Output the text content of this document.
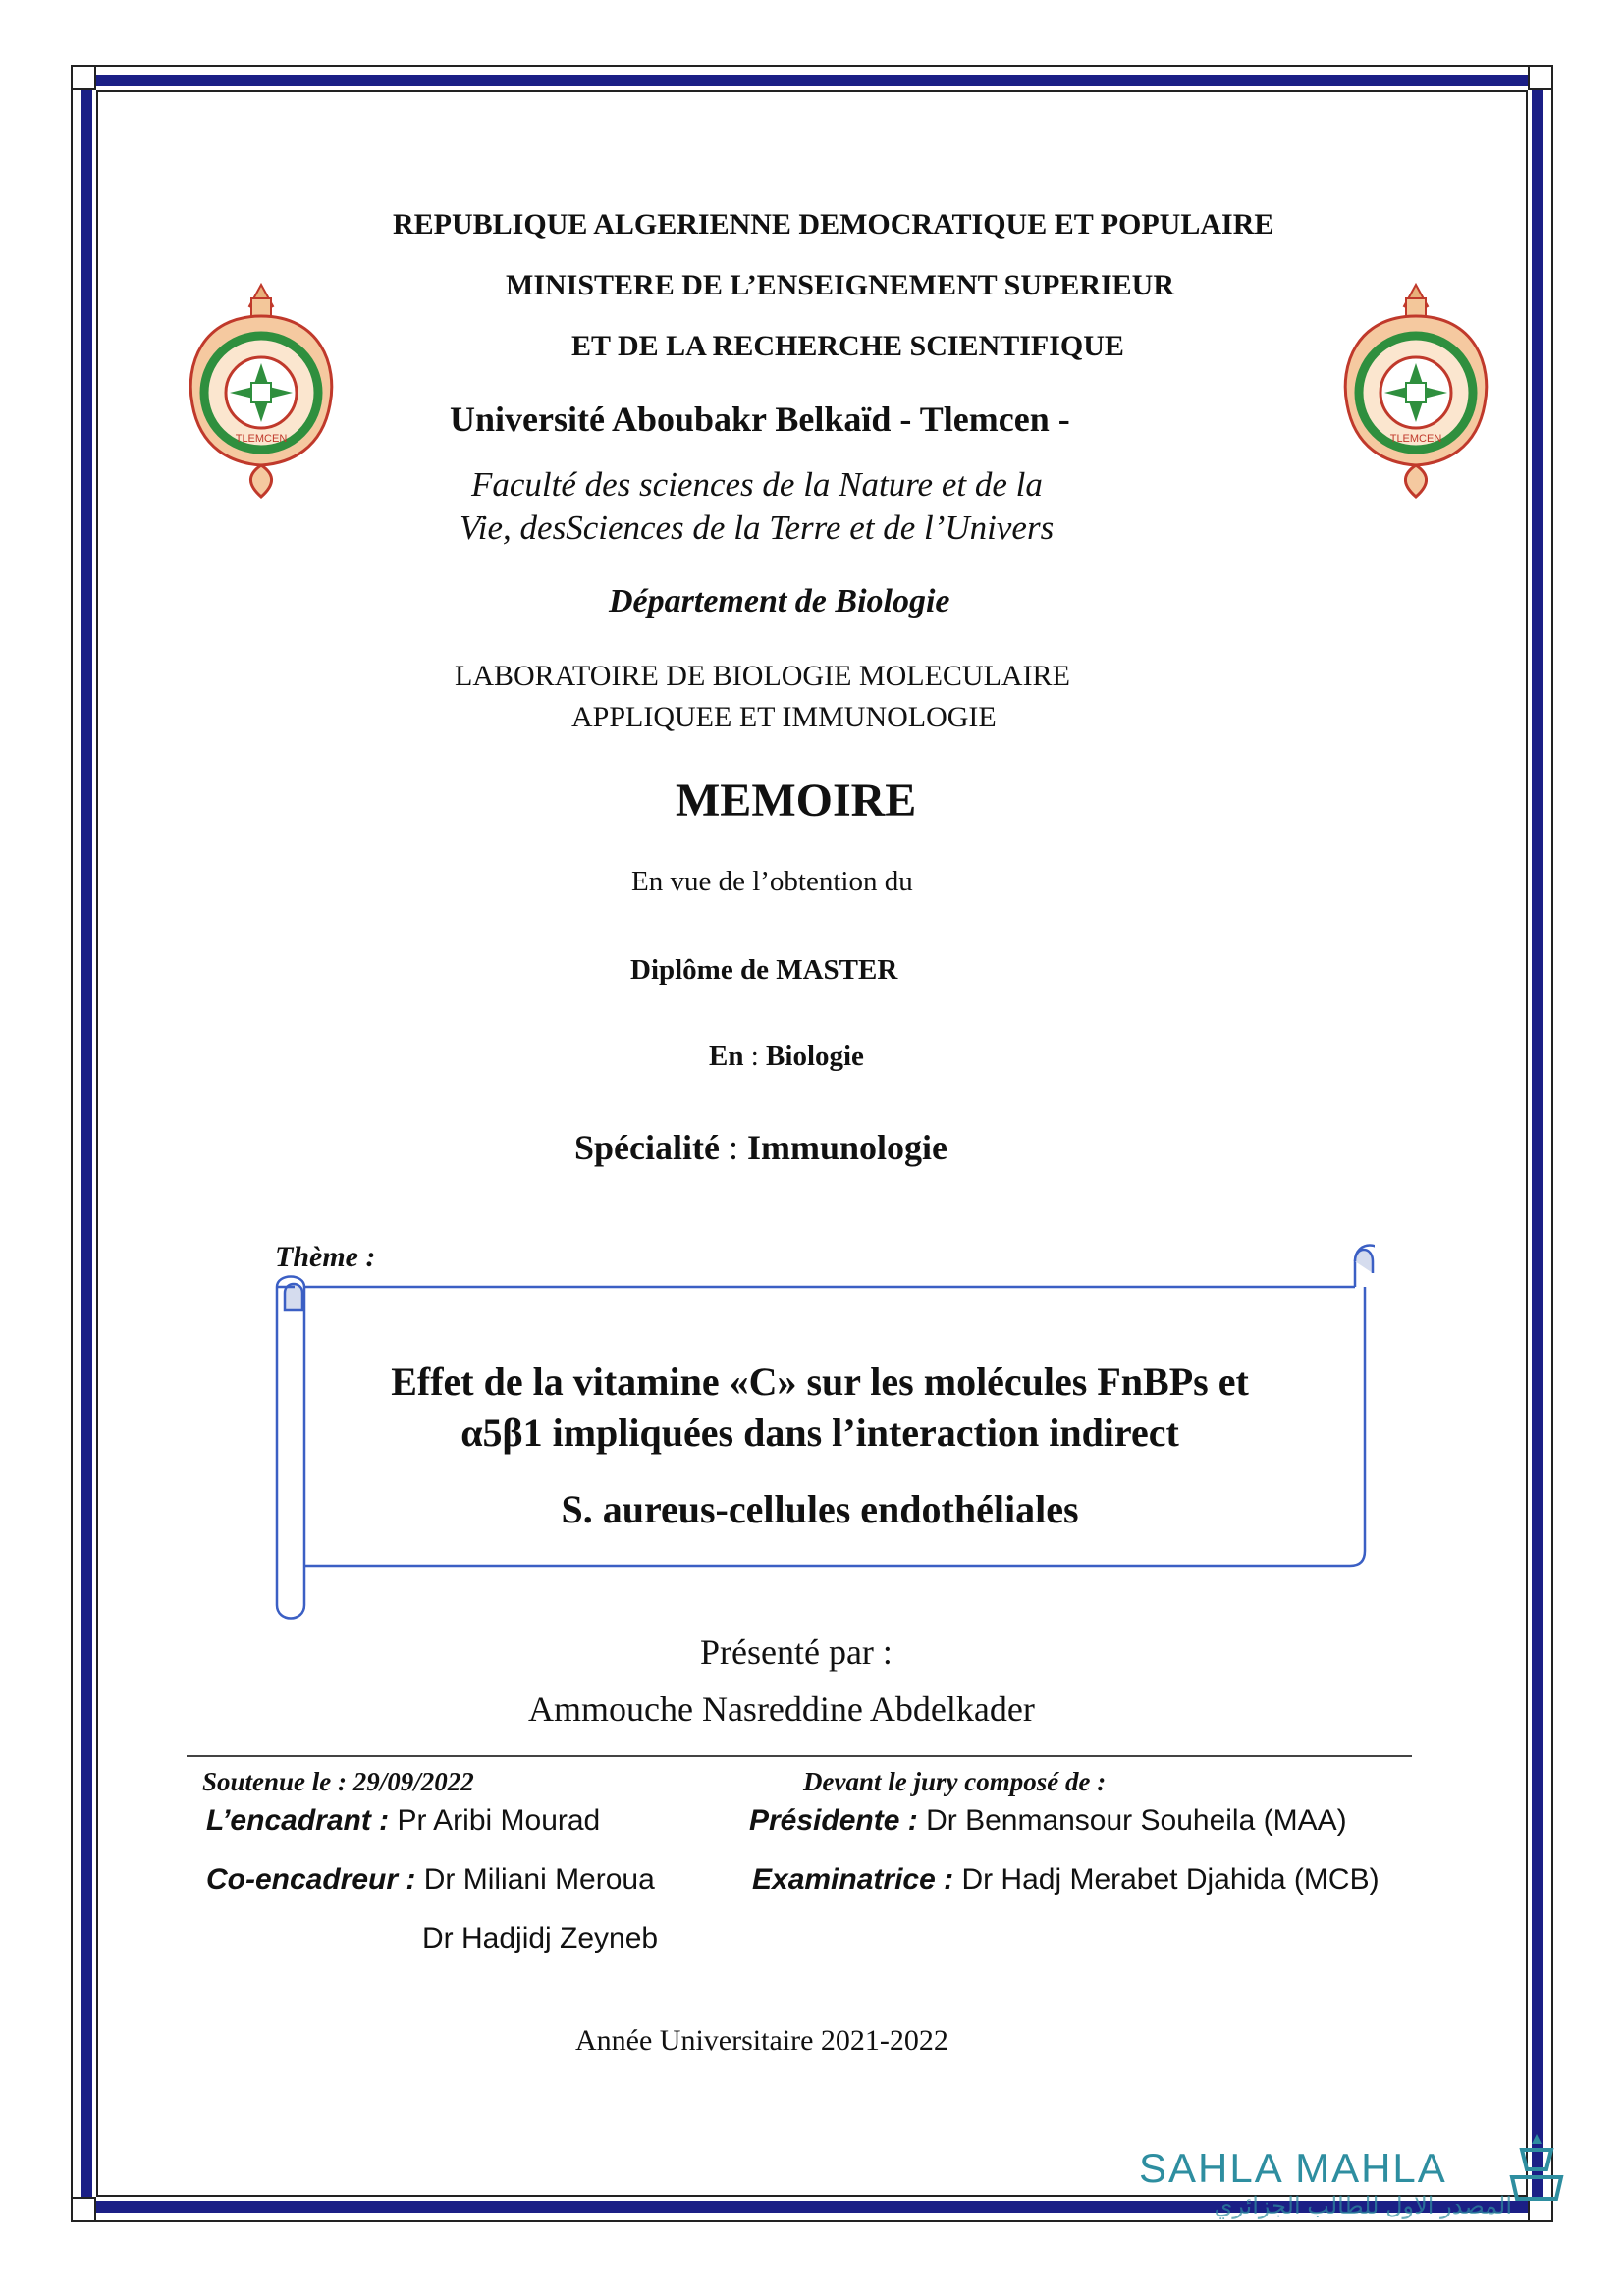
TLEMCEN	TLEMCEN
REPUBLIQUE ALGERIENNE DEMOCRATIQUE ET POPULAIRE
MINISTERE DE L’ENSEIGNEMENT SUPERIEUR
ET DE LA RECHERCHE SCIENTIFIQUE
Université Aboubakr Belkaïd - Tlemcen -
Faculté des sciences de la Nature et de la
Vie, desSciences de la Terre et de l’Univers
Département de Biologie
LABORATOIRE DE BIOLOGIE MOLECULAIRE
APPLIQUEE ET IMMUNOLOGIE
MEMOIRE
En vue de l’obtention du
Diplôme de MASTER
En : Biologie
Spécialité : Immunologie
Thème :
Effet de la vitamine «C» sur les molécules FnBPs et
α5β1 impliquées dans l’interaction indirect
S. aureus-cellules endothéliales
Présenté par :
Ammouche Nasreddine Abdelkader
Soutenue le : 29/09/2022	Devant le jury composé de :
L’encadrant : Pr Aribi Mourad	Présidente : Dr Benmansour Souheila (MAA)
Co-encadreur : Dr Miliani Meroua	Examinatrice : Dr Hadj Merabet Djahida (MCB)
Dr Hadjidj Zeyneb
Année Universitaire 2021-2022
SAHLA MAHLA
المصدر الاول للطالب الجزائري
